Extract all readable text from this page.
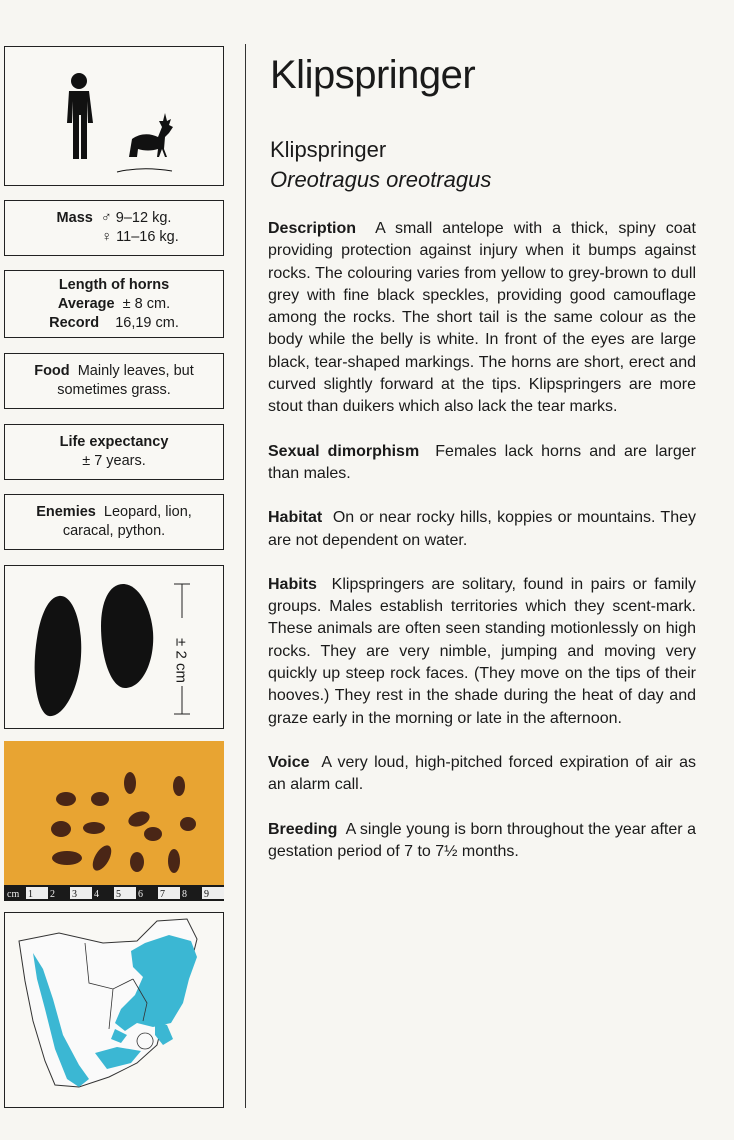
Mass ♂ 9–12 kg.
♀ 11–16 kg.
Length of horns
Average ± 8 cm.
Record 16,19 cm.
Food Mainly leaves, but sometimes grass.
Life expectancy
± 7 years.
Enemies Leopard, lion, caracal, python.
± 2 cm
cm 1 2 3 4 5 6 7 8 9
Klipspringer
Klipspringer
Oreotragus oreotragus

Description A small antelope with a thick, spiny coat providing protection against injury when it bumps against rocks. The colouring varies from yellow to grey-brown to dull grey with fine black speckles, providing good camouflage among the rocks. The short tail is the same colour as the body while the belly is white. In front of the eyes are large black, tear-shaped markings. The horns are short, erect and curved slightly forward at the tips. Klipspringers are more stout than duikers which also lack the tear marks.

Sexual dimorphism Females lack horns and are larger than males.

Habitat On or near rocky hills, koppies or mountains. They are not dependent on water.

Habits Klipspringers are solitary, found in pairs or family groups. Males establish territories which they scent-mark. These animals are often seen standing motionlessly on high rocks. They are very nimble, jumping and moving very quickly up steep rock faces. (They move on the tips of their hooves.) They rest in the shade during the heat of day and graze early in the morning or late in the afternoon.

Voice A very loud, high-pitched forced expiration of air as an alarm call.

Breeding A single young is born throughout the year after a gestation period of 7 to 7½ months.
